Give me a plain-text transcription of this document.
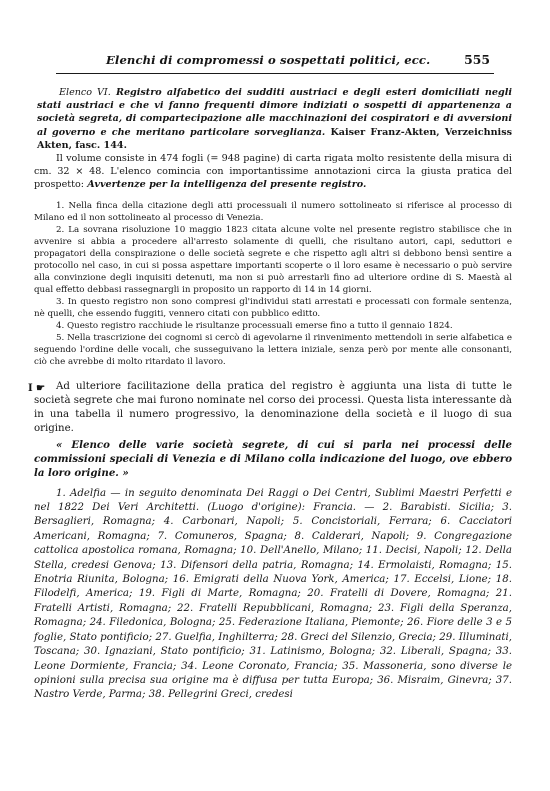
Elenchi di compromessi o sospettati politici, ecc.	555

Elenco VI. Registro alfabetico dei sudditi austriaci e degli esteri domiciliati negli stati austriaci e che vi fanno frequenti dimore indiziati o sospetti di appartenenza a società segreta, di compartecipazione alle macchinazioni dei cospiratori e di avversioni al governo e che meritano particolare sorveglianza. Kaiser Franz-Akten, Verzeichniss Akten, fasc. 144.

Il volume consiste in 474 fogli (= 948 pagine) di carta rigata molto resistente della misura di cm. 32 × 48. L'elenco comincia con importantissime annotazioni circa la giusta pratica del prospetto: Avvertenze per la intelligenza del presente registro.

1. Nella finca della citazione degli atti processuali il numero sottolineato si riferisce al processo di Milano ed il non sottolineato al processo di Venezia.

2. La sovrana risoluzione 10 maggio 1823 citata alcune volte nel presente registro stabilisce che in avvenire si abbia a procedere all'arresto solamente di quelli, che risultano autori, capi, seduttori e propagatori della conspirazione o delle società segrete e che rispetto agli altri si debbono bensì sentire a protocollo nel caso, in cui si possa aspettare importanti scoperte o il loro esame è necessario o può servire alla convinzione degli inquisiti detenuti, ma non si può arrestarli fino ad ulteriore ordine di S. Maestà al qual effetto debbasi rassegnargli in proposito un rapporto di 14 in 14 giorni.

3. In questo registro non sono compresi gl'individui stati arrestati e processati con formale sentenza, nè quelli, che essendo fuggiti, vennero citati con pubblico editto.

4. Questo registro racchiude le risultanze processuali emerse fino a tutto il gennaio 1824.

5. Nella trascrizione dei cognomi si cercò di agevolarne il rinvenimento mettendoli in serie alfabetica e seguendo l'ordine delle vocali, che susseguivano la lettera iniziale, senza però por mente alle consonanti, ciò che avrebbe di molto ritardato il lavoro.

I ☛ Ad ulteriore facilitazione della pratica del registro è aggiunta una lista di tutte le società segrete che mai furono nominate nel corso dei processi. Questa lista interessante dà in una tabella il numero progressivo, la denominazione della società e il luogo di sua origine.

« Elenco delle varie società segrete, di cui si parla nei processi delle commissioni speciali di Venezia e di Milano colla indicazione del luogo, ove ebbero la loro origine. »

1. Adelfia — in seguito denominata Dei Raggi o Dei Centri, Sublimi Maestri Perfetti e nel 1822 Dei Veri Architetti. (Luogo d'origine): Francia. — 2. Barabisti. Sicilia; 3. Bersaglieri, Romagna; 4. Carbonari, Napoli; 5. Concistoriali, Ferrara; 6. Cacciatori Americani, Romagna; 7. Comuneros, Spagna; 8. Calderari, Napoli; 9. Congregazione cattolica apostolica romana, Romagna; 10. Dell'Anello, Milano; 11. Decisi, Napoli; 12. Della Stella, credesi Genova; 13. Difensori della patria, Romagna; 14. Ermolaisti, Romagna; 15. Enotria Riunita, Bologna; 16. Emigrati della Nuova York, America; 17. Eccelsi, Lione; 18. Filodelfi, America; 19. Figli di Marte, Romagna; 20. Fratelli di Dovere, Romagna; 21. Fratelli Artisti, Romagna; 22. Fratelli Repubblicani, Romagna; 23. Figli della Speranza, Romagna; 24. Filedonica, Bologna; 25. Federazione Italiana, Piemonte; 26. Fiore delle 3 e 5 foglie, Stato pontificio; 27. Guelfia, Inghilterra; 28. Greci del Silenzio, Grecia; 29. Illuminati, Toscana; 30. Ignaziani, Stato pontificio; 31. Latinismo, Bologna; 32. Liberali, Spagna; 33. Leone Dormiente, Francia; 34. Leone Coronato, Francia; 35. Massoneria, sono diverse le opinioni sulla precisa sua origine ma è diffusa per tutta Europa; 36. Misraim, Ginevra; 37. Nastro Verde, Parma; 38. Pellegrini Greci, credesi
